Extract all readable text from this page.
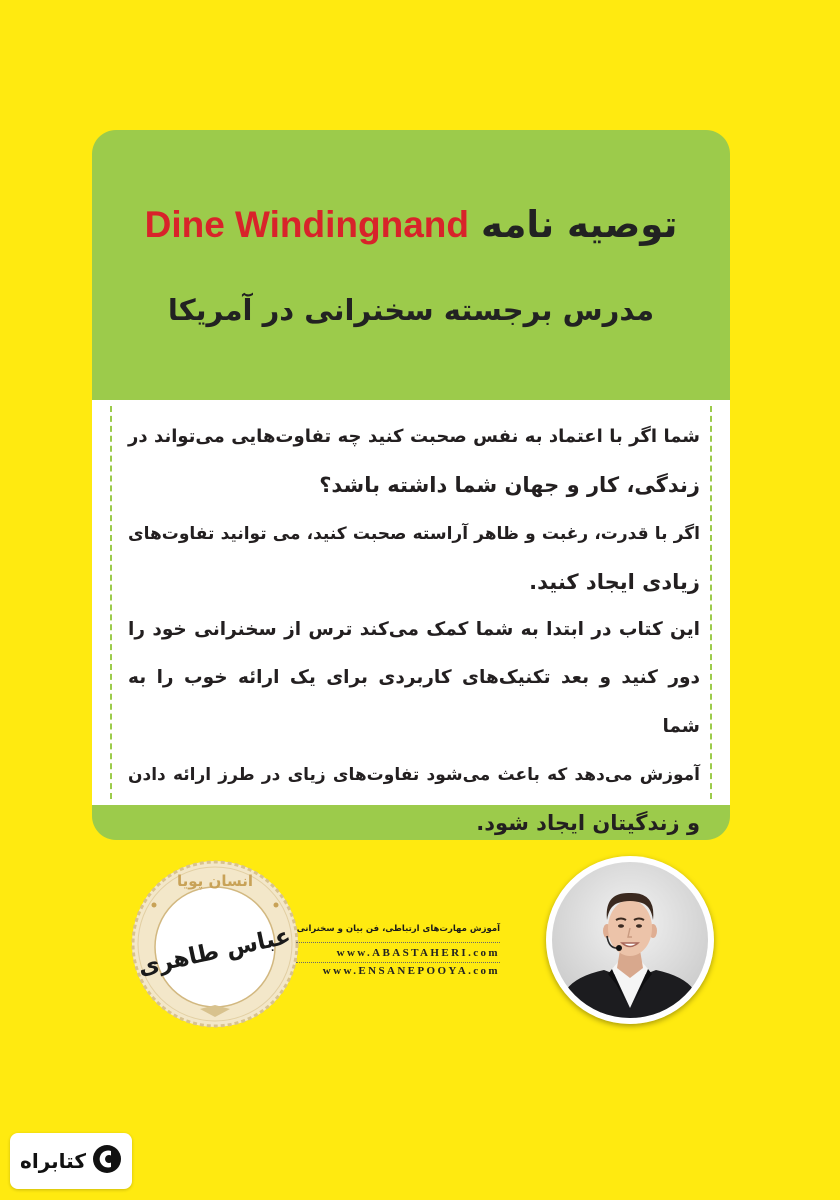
توصیه نامهDine Windingnand
مدرس برجسته سخنرانی در آمریکا

شما اگر با اعتماد به نفس صحبت کنید چه تفاوت‌هایی می‌تواند در
زندگی، کار و جهان شما داشته باشد؟

اگر با قدرت، رغبت و ظاهر آراسته صحبت کنید، می توانید تفاوت‌های
زیادی ایجاد کنید.

این کتاب در ابتدا به شما کمک می‌کند ترس از سخنرانی خود را
دور کنید و بعد تکنیک‌های کاربردی برای یک ارائه خوب را به شما
آموزش می‌دهد که باعث می‌شود تفاوت‌های زیای در طرز ارائه دادن
و زندگیتان ایجاد شود.

انسان پویا
عباس طاهری آموزش مهارت‌های ارتباطی، فن بیان و سخنرانی
www.ABASTAHERI.com
www.ENSANEPOOYA.com
کتابراه
